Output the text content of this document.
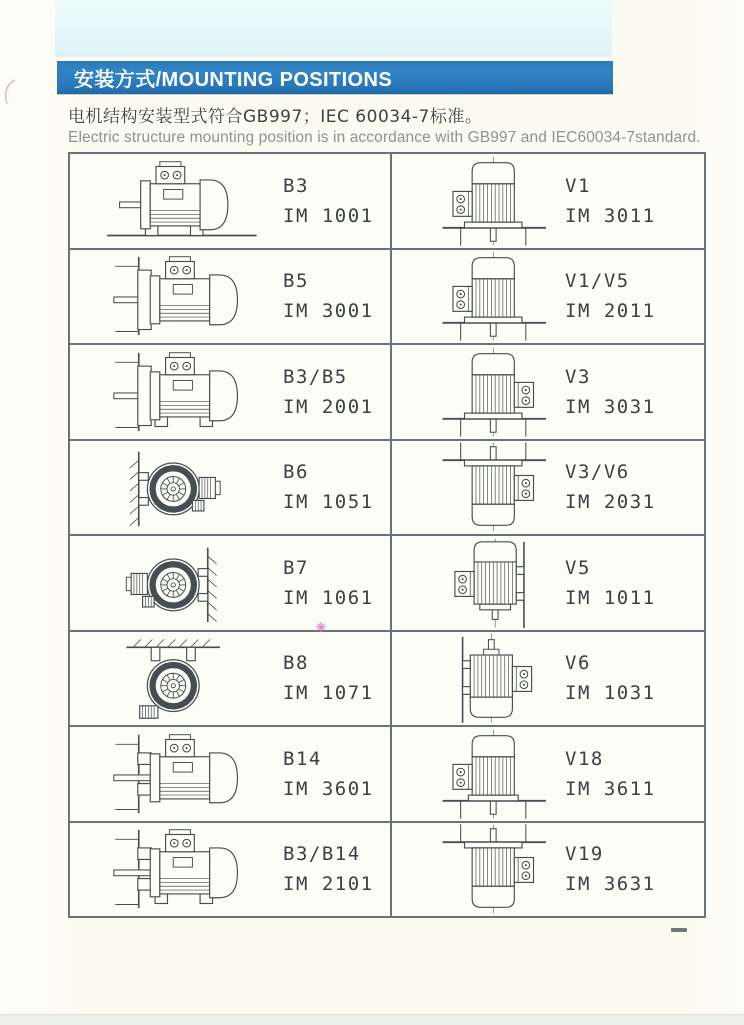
安装方式/MOUNTING POSITIONS
电机结构安装型式符合GB997；IEC 60034-7标准。
Electric structure mounting position is in accordance with GB997 and IEC60034-7standard.
B3
IM 1001
V1
IM 3011
B5
IM 3001
V1/V5
IM 2011
B3/B5
IM 2001
V3
IM 3031
B6
IM 1051
V3/V6
IM 2031
B7
IM 1061
V5
IM 1011
B8
IM 1071
V6
IM 1031
B14
IM 3601
V18
IM 3611
B3/B14
IM 2101
V19
IM 3631
